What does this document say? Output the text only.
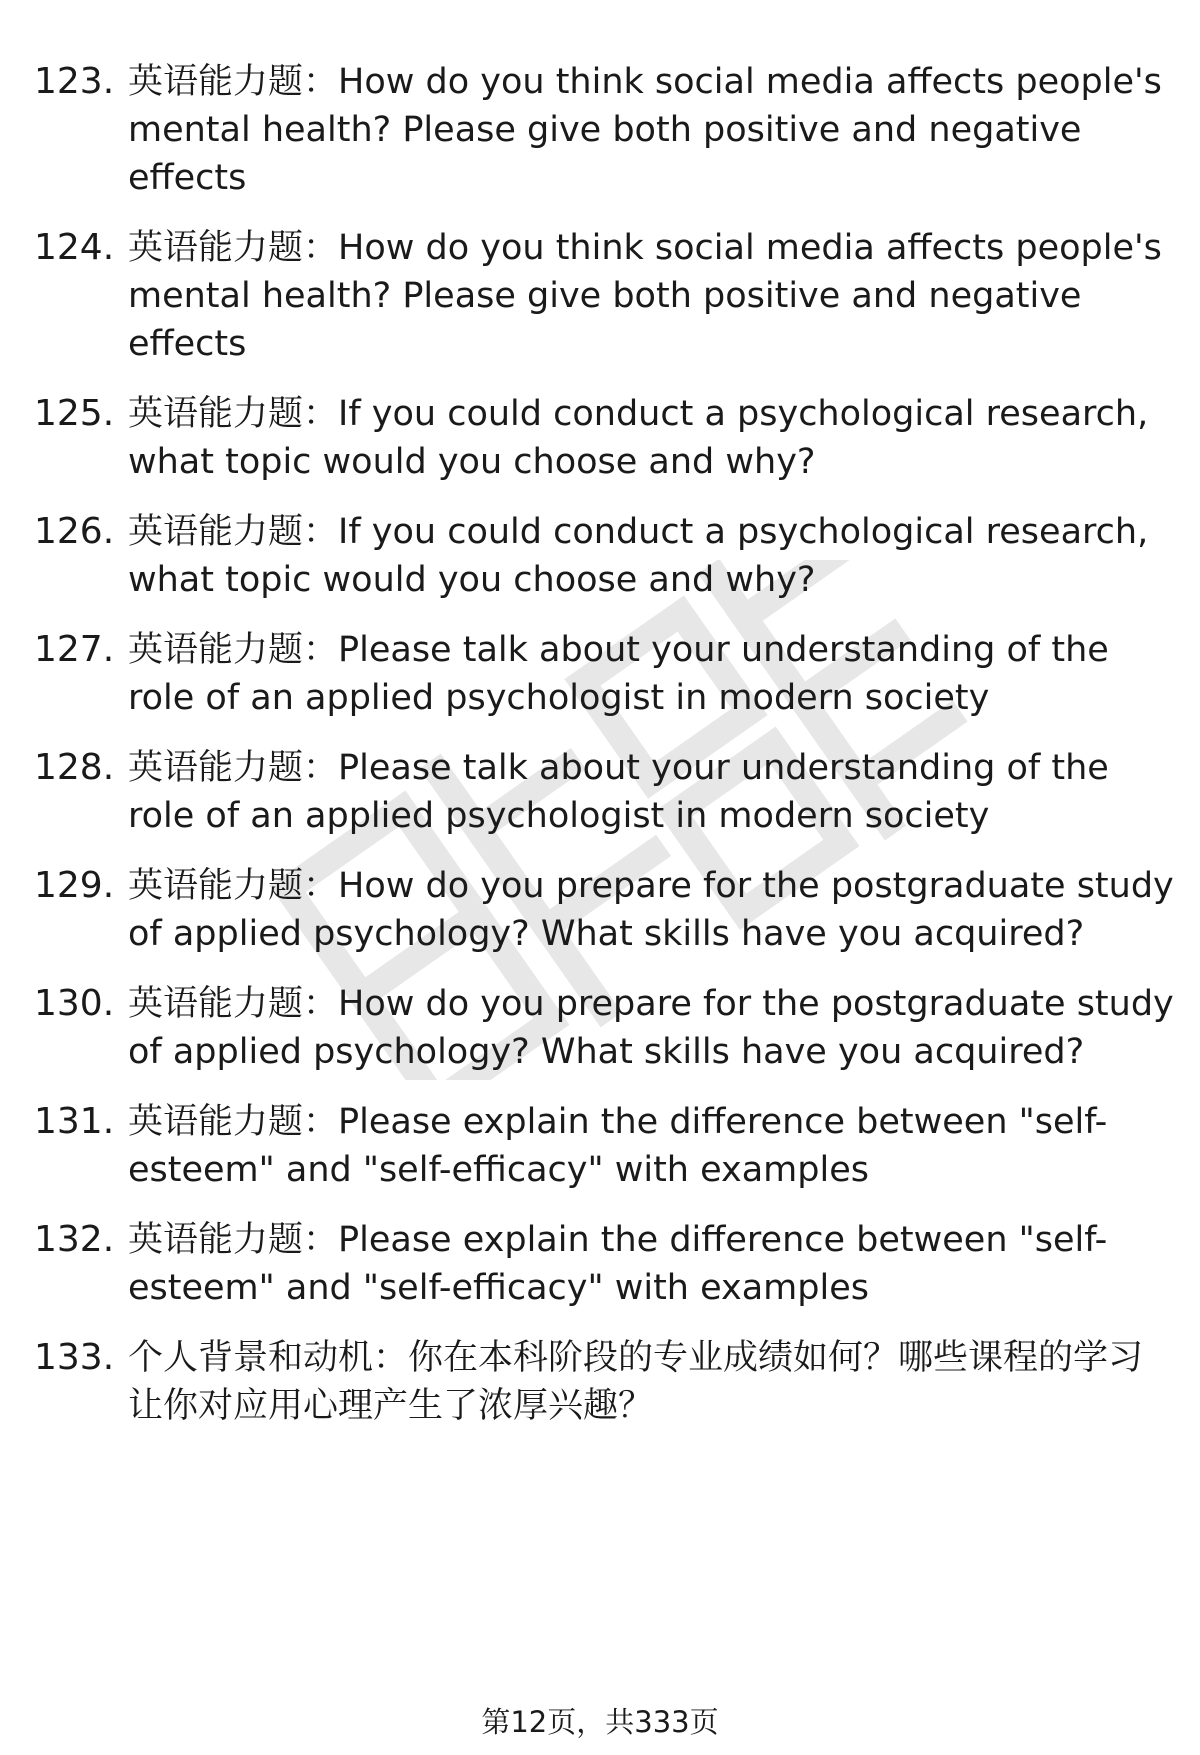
123. 英语能力题：How do you think social media affects people's mental health? Please give both positive and negative effects
124. 英语能力题：How do you think social media affects people's mental health? Please give both positive and negative effects
125. 英语能力题：If you could conduct a psychological research, what topic would you choose and why?
126. 英语能力题：If you could conduct a psychological research, what topic would you choose and why?
127. 英语能力题：Please talk about your understanding of the role of an applied psychologist in modern society
128. 英语能力题：Please talk about your understanding of the role of an applied psychologist in modern society
129. 英语能力题：How do you prepare for the postgraduate study of applied psychology? What skills have you acquired?
130. 英语能力题：How do you prepare for the postgraduate study of applied psychology? What skills have you acquired?
131. 英语能力题：Please explain the difference between "self-esteem" and "self-efficacy" with examples
132. 英语能力题：Please explain the difference between "self-esteem" and "self-efficacy" with examples
133. 个人背景和动机：你在本科阶段的专业成绩如何？哪些课程的学习让你对应用心理产生了浓厚兴趣？
第12页，共333页
